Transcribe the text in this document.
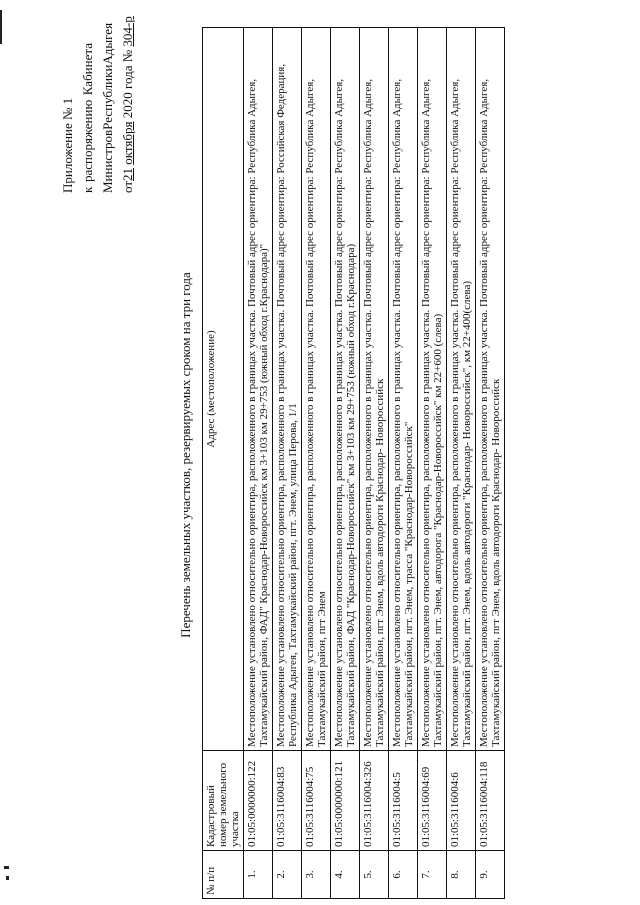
Приложение № 1 к
распоряжению
Кабинета
Министров
Республики
Адыгея
от21 октября 2020 года № 304-р
Перечень земельных участков, резервируемых сроком на три года
№ п/п	Кадастровый номер земельного участка	Адрес (местоположение)
1.	01:05:0000000:122	Местоположение установлено относительно ориентира, расположенного в границах участка. Почтовый адрес ориентира: Республика Адыгея, Тахтамукайский район, ФАД" Краснодар-Новороссийск км 3+103 км 29+753 (южный обход г.Краснодара)"
2.	01:05:3116004:83	Местоположение установлено относительно ориентира, расположенного в границах участка. Почтовый адрес ориентира: Российская Федерация, Республика Адыгея, Тахтамукайский район, пгт. Энем, улица Перова, 1/1
3.	01:05:3116004:75	Местоположение установлено относительно ориентира, расположенного в границах участка. Почтовый адрес ориентира: Республика Адыгея, Тахтамукайский район, пгт Энем
4.	01:05:0000000:121	Местоположение установлено относительно ориентира, расположенного в границах участка. Почтовый адрес ориентира: Республика Адыгея, Тахтамукайский район, ФАД "Краснодар-Новороссийск" км 3+103 км 29+753 (южный обход г.Краснодара)
5.	01:05:3116004:326	Местоположение установлено относительно ориентира, расположенного в границах участка. Почтовый адрес ориентира: Республика Адыгея, Тахтамукайский район, пгт Энем, вдоль автодороги Краснодар- Новороссийск
6.	01:05:3116004:5	Местоположение установлено относительно ориентира, расположенного в границах участка. Почтовый адрес ориентира: Республика Адыгея, Тахтамукайский район, пгт. Энем, трасса "Краснодар-Новороссийск"
7.	01:05:3116004:69	Местоположение установлено относительно ориентира, расположенного в границах участка. Почтовый адрес ориентира: Республика Адыгея, Тахтамукайский район, пгт. Энем, автодорога "Краснодар-Новороссийск" км 22+600 (слева)
8.	01:05:3116004:6	Местоположение установлено относительно ориентира, расположенного в границах участка. Почтовый адрес ориентира: Республика Адыгея, Тахтамукайский район, пгт. Энем, вдоль автодороги "Краснодар- Новороссийск", км 22+400(слева)
9.	01:05:3116004:118	Местоположение установлено относительно ориентира, расположенного в границах участка. Почтовый адрес ориентира: Республика Адыгея, Тахтамукайский район, пгт Энем, вдоль автодороги Краснодар- Новороссийск
